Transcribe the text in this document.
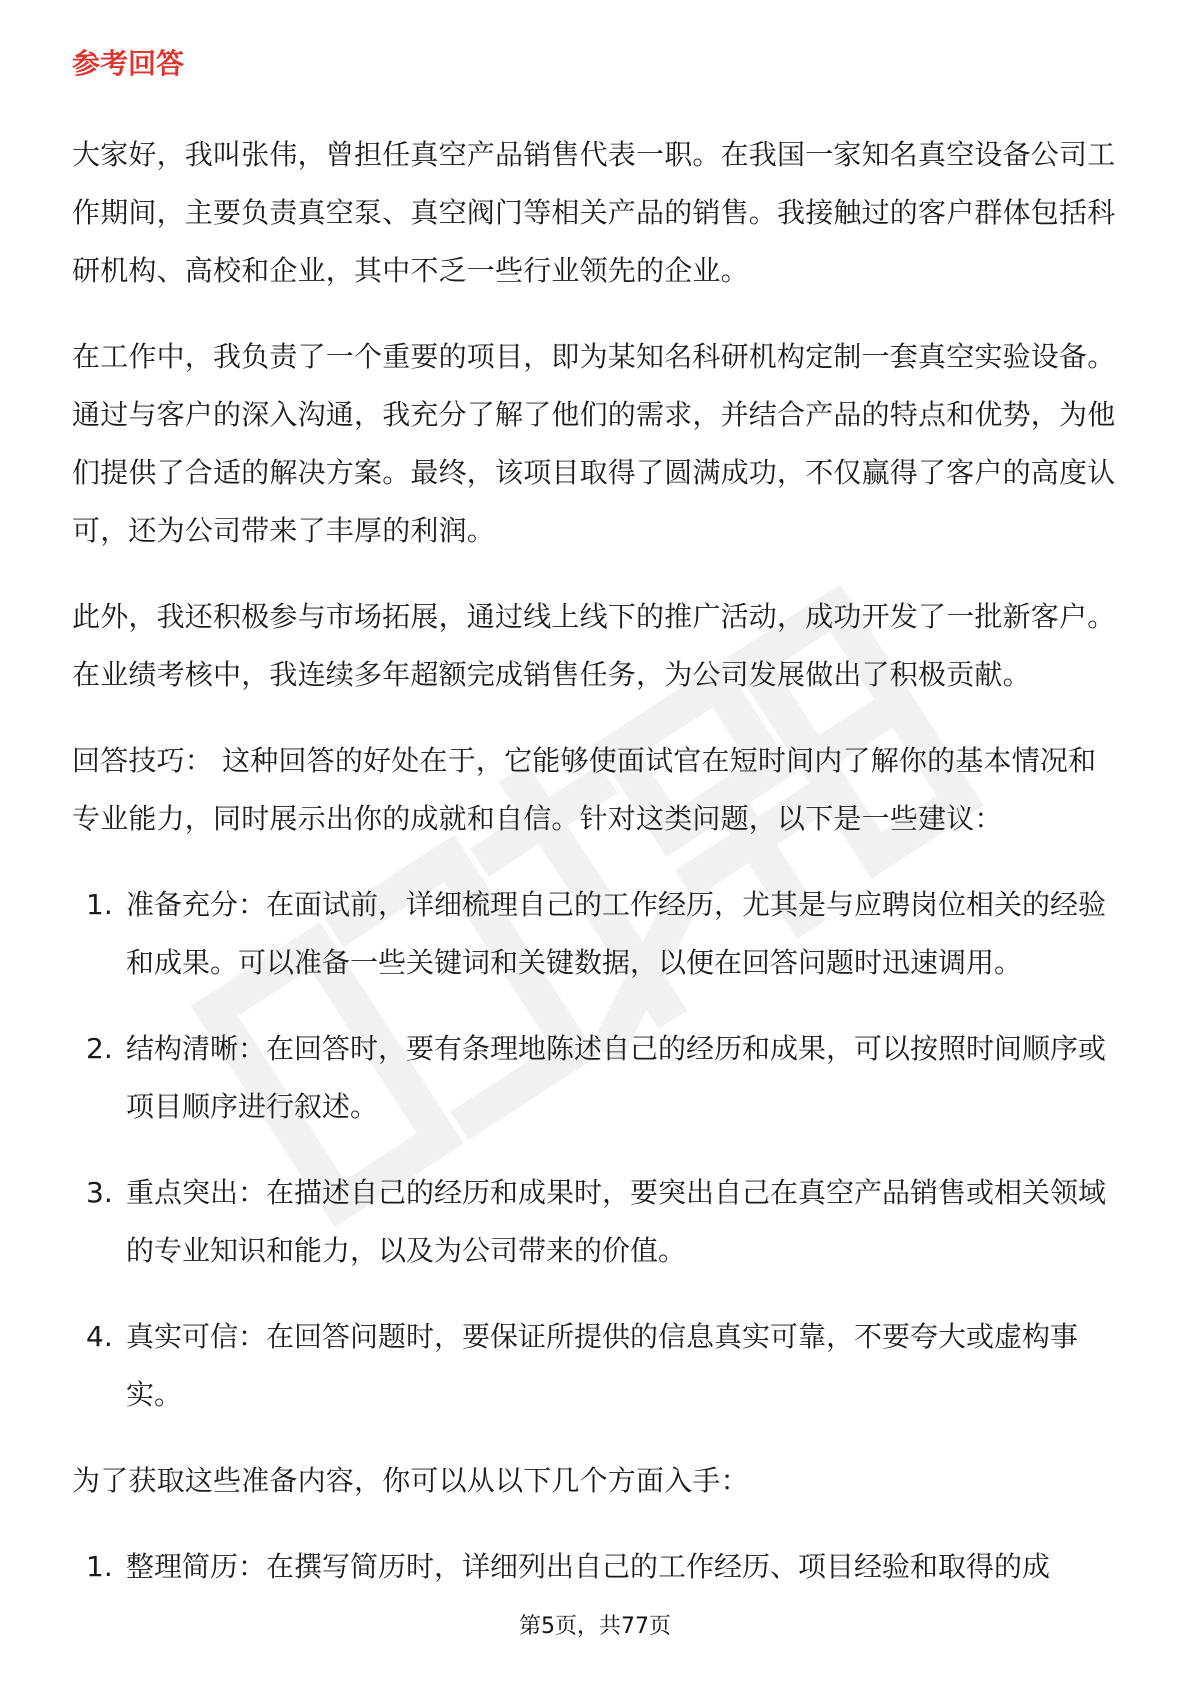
参考回答

大家好，我叫张伟，曾担任真空产品销售代表一职。在我国一家知名真空设备公司工作期间，主要负责真空泵、真空阀门等相关产品的销售。我接触过的客户群体包括科研机构、高校和企业，其中不乏一些行业领先的企业。

在工作中，我负责了一个重要的项目，即为某知名科研机构定制一套真空实验设备。通过与客户的深入沟通，我充分了解了他们的需求，并结合产品的特点和优势，为他们提供了合适的解决方案。最终，该项目取得了圆满成功，不仅赢得了客户的高度认可，还为公司带来了丰厚的利润。

此外，我还积极参与市场拓展，通过线上线下的推广活动，成功开发了一批新客户。在业绩考核中，我连续多年超额完成销售任务，为公司发展做出了积极贡献。

回答技巧： 这种回答的好处在于，它能够使面试官在短时间内了解你的基本情况和专业能力，同时展示出你的成就和自信。针对这类问题，以下是一些建议：

1. 准备充分：在面试前，详细梳理自己的工作经历，尤其是与应聘岗位相关的经验和成果。可以准备一些关键词和关键数据，以便在回答问题时迅速调用。
2. 结构清晰：在回答时，要有条理地陈述自己的经历和成果，可以按照时间顺序或项目顺序进行叙述。
3. 重点突出：在描述自己的经历和成果时，要突出自己在真空产品销售或相关领域的专业知识和能力，以及为公司带来的价值。
4. 真实可信：在回答问题时，要保证所提供的信息真实可靠，不要夸大或虚构事实。

为了获取这些准备内容，你可以从以下几个方面入手：

1. 整理简历：在撰写简历时，详细列出自己的工作经历、项目经验和取得的成
第5页，共77页
